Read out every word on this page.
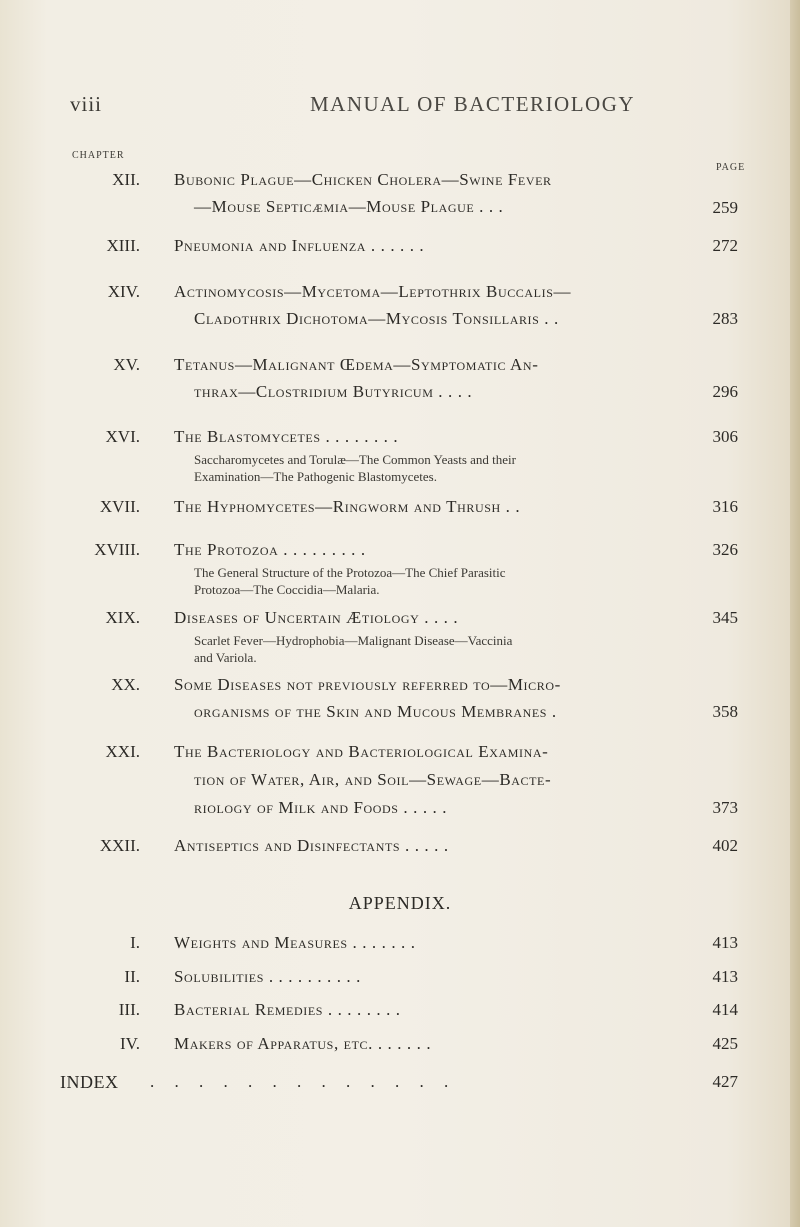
viii	MANUAL OF BACTERIOLOGY
CHAPTER
PAGE
XII. Bubonic Plague—Chicken Cholera—Swine Fever
—Mouse Septicæmia—Mouse Plague . . .	259
XIII. Pneumonia and Influenza . . . . . .	272
XIV. Actinomycosis—Mycetoma—Leptothrix Buccalis—
Cladothrix Dichotoma—Mycosis Tonsillaris . .	283
XV. Tetanus—Malignant Œdema—Symptomatic An-
thrax—Clostridium Butyricum . . . .	296
XVI. The Blastomycetes . . . . . . . .	306
Saccharomycetes and Torulæ—The Common Yeasts and their
Examination—The Pathogenic Blastomycetes.
XVII. The Hyphomycetes—Ringworm and Thrush . .	316
XVIII. The Protozoa . . . . . . . . .	326
The General Structure of the Protozoa—The Chief Parasitic
Protozoa—The Coccidia—Malaria.
XIX. Diseases of Uncertain Ætiology . . . .	345
Scarlet Fever—Hydrophobia—Malignant Disease—Vaccinia
and Variola.
XX. Some Diseases not previously referred to—Micro-
organisms of the Skin and Mucous Membranes .	358
XXI. The Bacteriology and Bacteriological Examina-
tion of Water, Air, and Soil—Sewage—Bacte-
riology of Milk and Foods . . . . .	373
XXII. Antiseptics and Disinfectants . . . . .	402
APPENDIX.
I. Weights and Measures . . . . . . .	413
II. Solubilities . . . . . . . . . .	413
III. Bacterial Remedies . . . . . . . .	414
IV. Makers of Apparatus, etc. . . . . . .	425
INDEX . . . . . . . . . . . . .	427
